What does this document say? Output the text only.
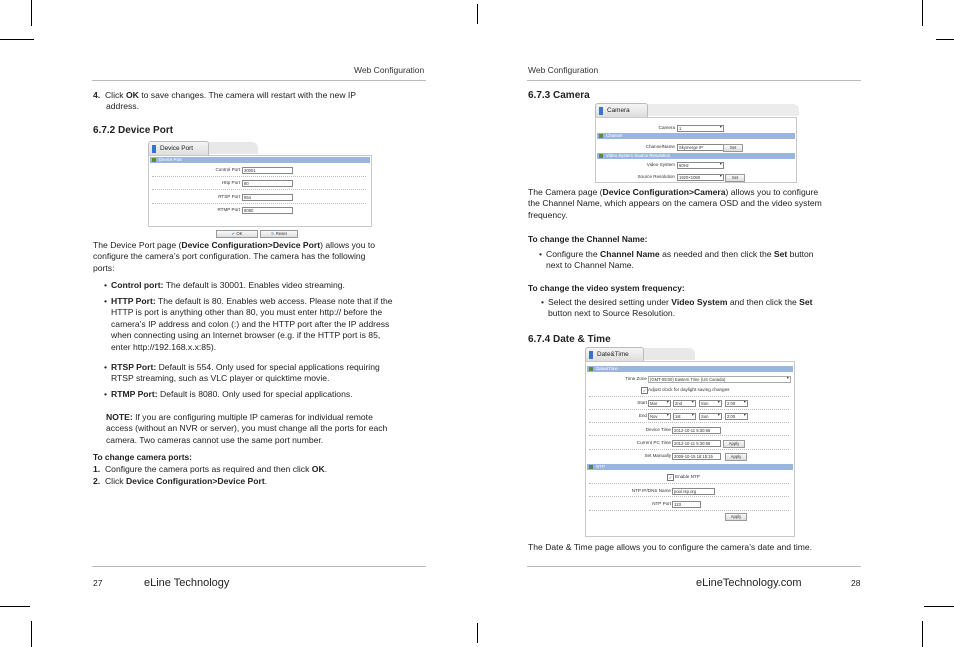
Web Configuration
4. Click OK to save changes. The camera will restart with the new IP
address.
6.7.2 Device Port
Device Port
Device Port
Control Port 30001
Http Port 80
RTSP Port 554
RTMP Port 8080
✔ OK	↻ Reset
The Device Port page (Device Configuration>Device Port) allows you to
configure the camera’s port configuration. The camera has the following
ports:
• Control port: The default is 30001. Enables video streaming.
• HTTP Port: The default is 80. Enables web access. Please note that if the
HTTP is port is anything other than 80, you must enter http:// before the
camera’s IP address and colon (:) and the HTTP port after the IP address
when connecting using an Internet browser (e.g. if the HTTP port is 85,
enter http://192.168.x.x:85).
• RTSP Port: Default is 554. Only used for special applications requiring
RTSP streaming, such as VLC player or quicktime movie.
• RTMP Port: Default is 8080. Only used for special applications.
NOTE: If you are configuring multiple IP cameras for individual remote
access (without an NVR or server), you must change all the ports for each
camera. Two cameras cannot use the same port number.
To change camera ports:
1. Configure the camera ports as required and then click OK.
2. Click Device Configuration>Device Port.
27	eLine Technology
Web Configuration
6.7.3 Camera
Camera
Camera 1 ▾
Channel
ChannelName Skymerge IP	Set
Video System Source Resolution
Video System 60Hz ▾
Source Resolution 1920×1080 ▾	Set
The Camera page (Device Configuration>Camera) allows you to configure
the Channel Name, which appears on the camera OSD and the video system
frequency.
To change the Channel Name:
• Configure the Channel Name as needed and then click the Set button
next to Channel Name.
To change the video system frequency:
• Select the desired setting under Video System and then click the Set
button next to Source Resolution.
6.7.4 Date & Time
Date&Time
Date&Time
Time Zone (GMT-05:00) Eastern Time (US Canada) ▾
✓ Adjust clock for daylight saving changes
Start Mar ▾	2nd ▾	Sun ▾	2:00 ▾
End Nov ▾	1st ▾	Sun ▾	2:00 ▾
Device Time 2012-10-11 5:30:56
Current PC Time 2012-10-11 5:30:56	Apply
Set Manually 2009-10-15 16:15:15	Apply
NTP
✓ Enable NTP
NTP IP/DNS Name pool.ntp.org
NTP Port 123
Apply
The Date & Time page allows you to configure the camera’s date and time.
eLineTechnology.com	28
